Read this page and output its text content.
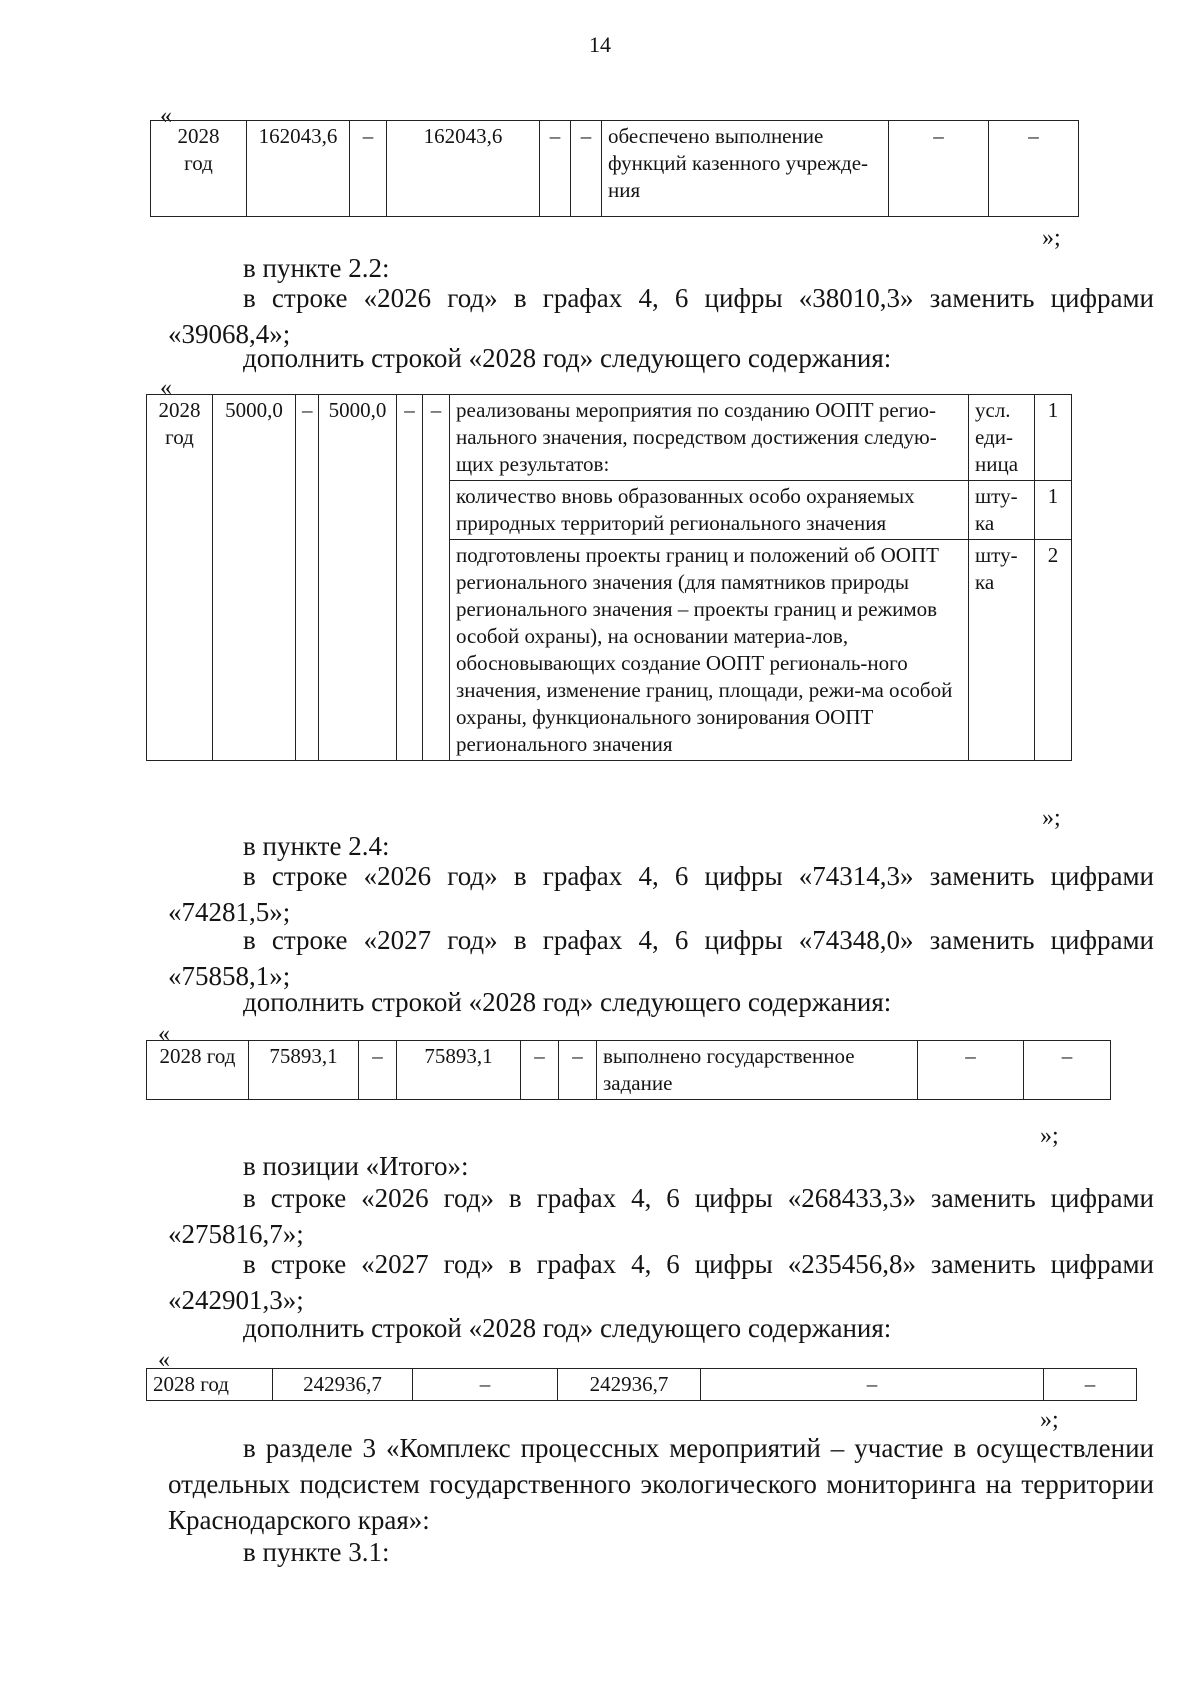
14
«
2028
год	162043,6	–	162043,6	–	–	обеспечено выполнение функций казенного учрежде-ния	–	–
»;

в пункте 2.2:

в строке «2026 год» в графах 4, 6 цифры «38010,3» заменить цифрами «39068,4»;

дополнить строкой «2028 год» следующего содержания:

«
2028 год	5000,0	–	5000,0	–	–	реализованы мероприятия по созданию ООПТ регио-нального значения, посредством достижения следую-щих результатов:	усл. еди-ница	1
						количество вновь образованных особо охраняемых природных территорий регионального значения	шту-ка	1
						подготовлены проекты границ и положений об ООПТ регионального значения (для памятников природы регионального значения – проекты границ и режимов особой охраны), на основании материа-лов, обосновывающих создание ООПТ региональ-ного значения, изменение границ, площади, режи-ма особой охраны, функционального зонирования ООПТ регионального значения	шту-ка	2
»;

в пункте 2.4:

в строке «2026 год» в графах 4, 6 цифры «74314,3» заменить цифрами «74281,5»;

в строке «2027 год» в графах 4, 6 цифры «74348,0» заменить цифрами «75858,1»;

дополнить строкой «2028 год» следующего содержания:

«
2028 год	75893,1	–	75893,1	–	–	выполнено государственное задание	–	–
»;

в позиции «Итого»:

в строке «2026 год» в графах 4, 6 цифры «268433,3» заменить цифрами «275816,7»;

в строке «2027 год» в графах 4, 6 цифры «235456,8» заменить цифрами «242901,3»;

дополнить строкой «2028 год» следующего содержания:

«
2028 год	242936,7	–	242936,7	–	–
»;

в разделе 3 «Комплекс процессных мероприятий – участие в осуществлении отдельных подсистем государственного экологического мониторинга на территории Краснодарского края»:

в пункте 3.1:
